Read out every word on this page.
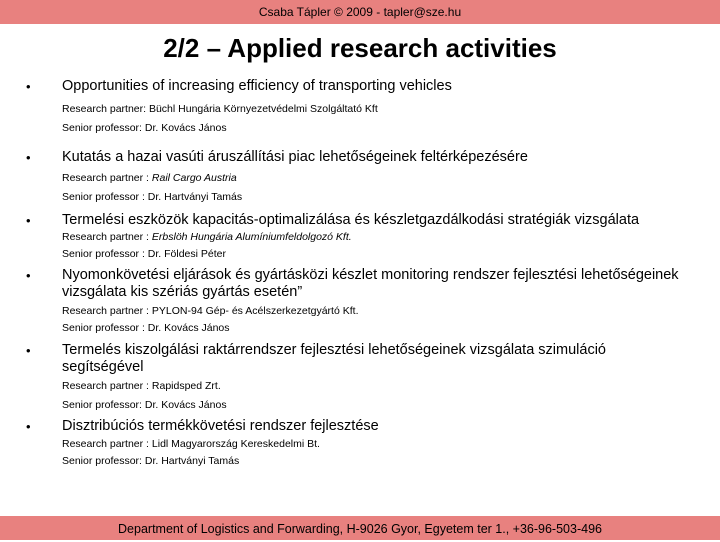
Csaba Tápler © 2009 - tapler@sze.hu
2/2 – Applied research activities
• Opportunities of increasing efficiency of transporting vehicles
Research partner: Büchl Hungária Környezetvédelmi Szolgáltató Kft
Senior professor: Dr. Kovács János
• Kutatás a hazai vasúti áruszállítási piac lehetőségeinek feltérképezésére
Research partner : Rail Cargo Austria
Senior professor : Dr. Hartványi Tamás
• Termelési eszközök kapacitás-optimalizálása és készletgazdálkodási stratégiák vizsgálata
Research partner : Erbslöh Hungária Alumíniumfeldolgozó Kft.
Senior professor : Dr. Földesi Péter
• Nyomonkövetési eljárások és gyártásközi készlet monitoring rendszer fejlesztési lehetőségeinek vizsgálata kis szériás gyártás esetén”
Research partner : PYLON-94 Gép- és Acélszerkezetgyártó Kft.
Senior professor : Dr. Kovács János
• Termelés kiszolgálási raktárrendszer fejlesztési lehetőségeinek vizsgálata szimuláció segítségével
Research partner : Rapidsped Zrt.
Senior professor: Dr. Kovács János
• Disztribúciós termékkövetési rendszer fejlesztése
Research partner : Lidl Magyarország Kereskedelmi Bt.
Senior professor: Dr. Hartványi Tamás
Department of Logistics and Forwarding, H-9026 Gyor, Egyetem ter 1., +36-96-503-496
